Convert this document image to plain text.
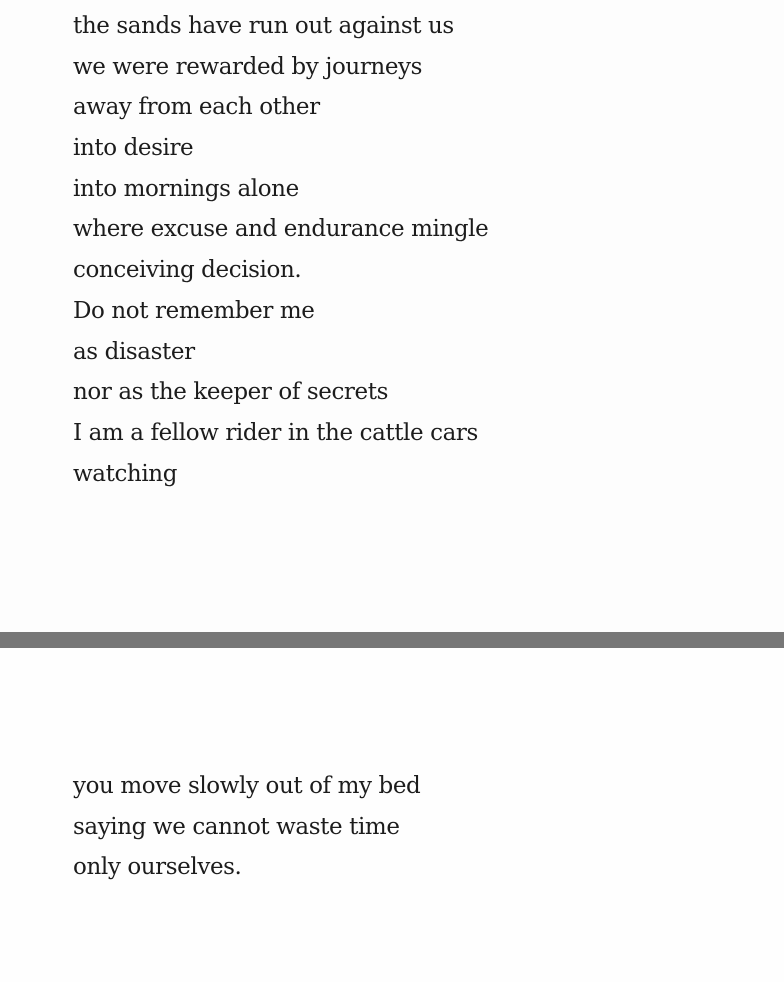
the sands have run out against us
we were rewarded by journeys
away from each other
into desire
into mornings alone
where excuse and endurance mingle
conceiving decision.
Do not remember me
as disaster
nor as the keeper of secrets
I am a fellow rider in the cattle cars
watching
you move slowly out of my bed
saying we cannot waste time
only ourselves.
